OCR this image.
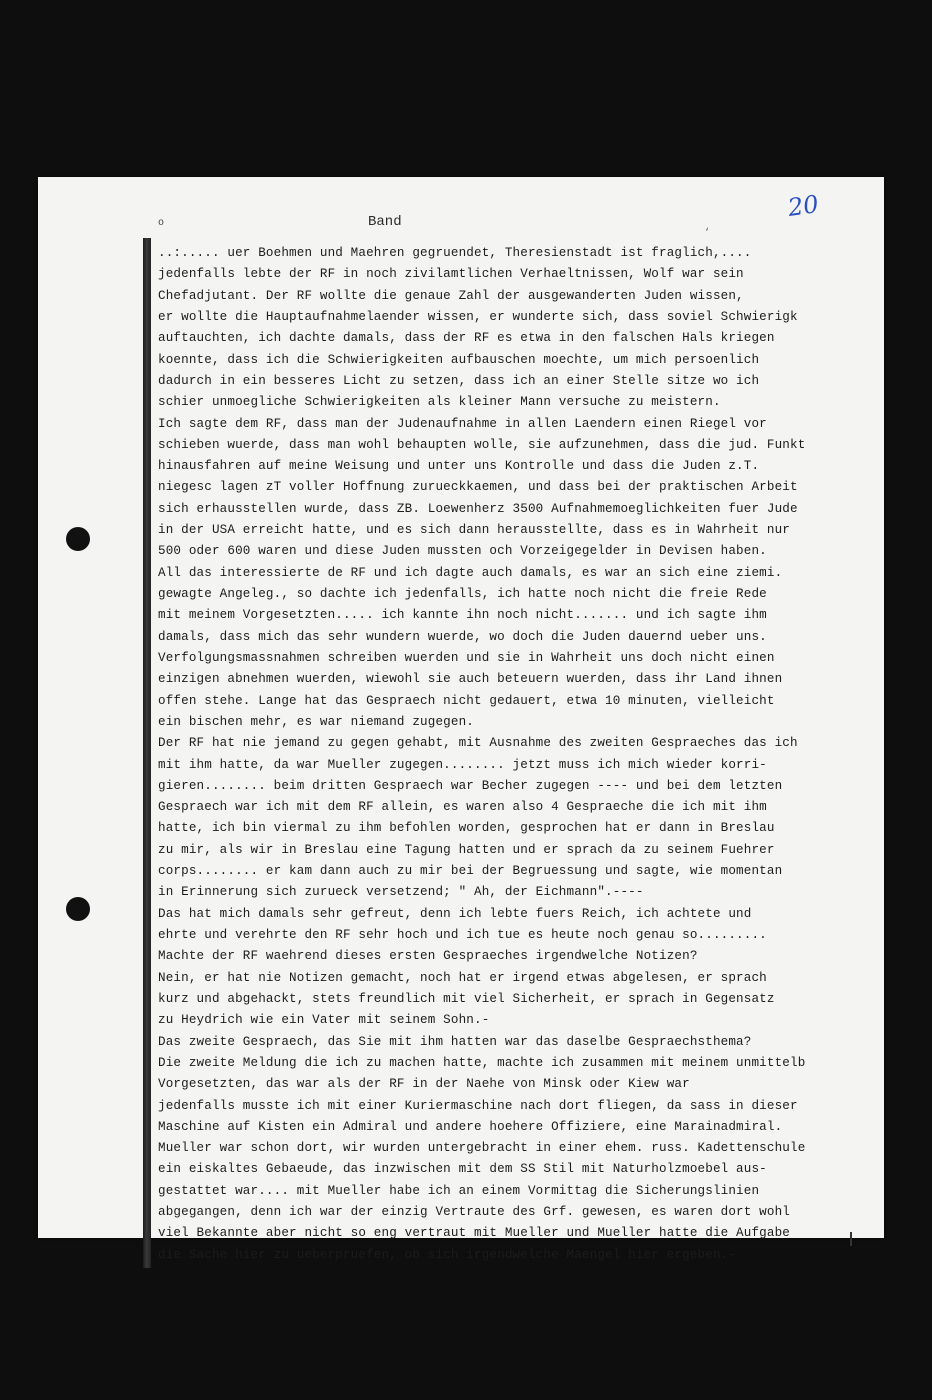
‘
o	Band
20
..:..... uer Boehmen und Maehren gegruendet, Theresienstadt ist fraglich,....
jedenfalls lebte der RF in noch zivilamtlichen Verhaeltnissen, Wolf war sein
Chefadjutant. Der RF wollte die genaue Zahl der ausgewanderten Juden wissen,
er wollte die Hauptaufnahmelaender wissen, er wunderte sich, dass soviel Schwierigk
auftauchten, ich dachte damals, dass der RF es etwa in den falschen Hals kriegen
koennte, dass ich die Schwierigkeiten aufbauschen moechte, um mich persoenlich
dadurch in ein besseres Licht zu setzen, dass ich an einer Stelle sitze wo ich
schier unmoegliche Schwierigkeiten als kleiner Mann versuche zu meistern.
Ich sagte dem RF, dass man der Judenaufnahme in allen Laendern einen Riegel vor
schieben wuerde, dass man wohl behaupten wolle, sie aufzunehmen, dass die jud. Funkt
hinausfahren auf meine Weisung und unter uns Kontrolle und dass die Juden z.T.
niegesc lagen zT voller Hoffnung zurueckkaemen, und dass bei der praktischen Arbeit
sich erhausstellen wurde, dass ZB. Loewenherz 3500 Aufnahmemoeglichkeiten fuer Jude
in der USA erreicht hatte, und es sich dann herausstellte, dass es in Wahrheit nur
500 oder 600 waren und diese Juden mussten och Vorzeigegelder in Devisen haben.
All das interessierte de RF und ich dagte auch damals, es war an sich eine ziemi.
gewagte Angeleg., so dachte ich jedenfalls, ich hatte noch nicht die freie Rede
mit meinem Vorgesetzten..... ich kannte ihn noch nicht....... und ich sagte ihm
damals, dass mich das sehr wundern wuerde, wo doch die Juden dauernd ueber uns.
Verfolgungsmassnahmen schreiben wuerden und sie in Wahrheit uns doch nicht einen
einzigen abnehmen wuerden, wiewohl sie auch beteuern wuerden, dass ihr Land ihnen
offen stehe. Lange hat das Gespraech nicht gedauert, etwa 10 minuten, vielleicht
ein bischen mehr, es war niemand zugegen.
Der RF hat nie jemand zu gegen gehabt, mit Ausnahme des zweiten Gespraeches das ich
mit ihm hatte, da war Mueller zugegen........ jetzt muss ich mich wieder korri-
gieren........ beim dritten Gespraech war Becher zugegen ---- und bei dem letzten
Gespraech war ich mit dem RF allein, es waren also 4 Gespraeche die ich mit ihm
hatte, ich bin viermal zu ihm befohlen worden, gesprochen hat er dann in Breslau
zu mir, als wir in Breslau eine Tagung hatten und er sprach da zu seinem Fuehrer
corps........ er kam dann auch zu mir bei der Begruessung und sagte, wie momentan
in Erinnerung sich zurueck versetzend; " Ah, der Eichmann".----
Das hat mich damals sehr gefreut, denn ich lebte fuers Reich, ich achtete und
ehrte und verehrte den RF sehr hoch und ich tue es heute noch genau so.........
Machte der RF waehrend dieses ersten Gespraeches irgendwelche Notizen?
Nein, er hat nie Notizen gemacht, noch hat er irgend etwas abgelesen, er sprach
kurz und abgehackt, stets freundlich mit viel Sicherheit, er sprach in Gegensatz
zu Heydrich wie ein Vater mit seinem Sohn.-
Das zweite Gespraech, das Sie mit ihm hatten war das daselbe Gespraechsthema?
Die zweite Meldung die ich zu machen hatte, machte ich zusammen mit meinem unmittelb
Vorgesetzten, das war als der RF in der Naehe von Minsk oder Kiew war
jedenfalls musste ich mit einer Kuriermaschine nach dort fliegen, da sass in dieser
Maschine auf Kisten ein Admiral und andere hoehere Offiziere, eine Marainadmiral.
Mueller war schon dort, wir wurden untergebracht in einer ehem. russ. Kadettenschule
ein eiskaltes Gebaeude, das inzwischen mit dem SS Stil mit Naturholzmoebel aus-
gestattet war.... mit Mueller habe ich an einem Vormittag die Sicherungslinien
abgegangen, denn ich war der einzig Vertraute des Grf. gewesen, es waren dort wohl
viel Bekannte aber nicht so eng vertraut mit Mueller und Mueller hatte die Aufgabe
die Sache hier zu ueberpruefen, ob sich irgendwelche Maengel hier ergeben.-
